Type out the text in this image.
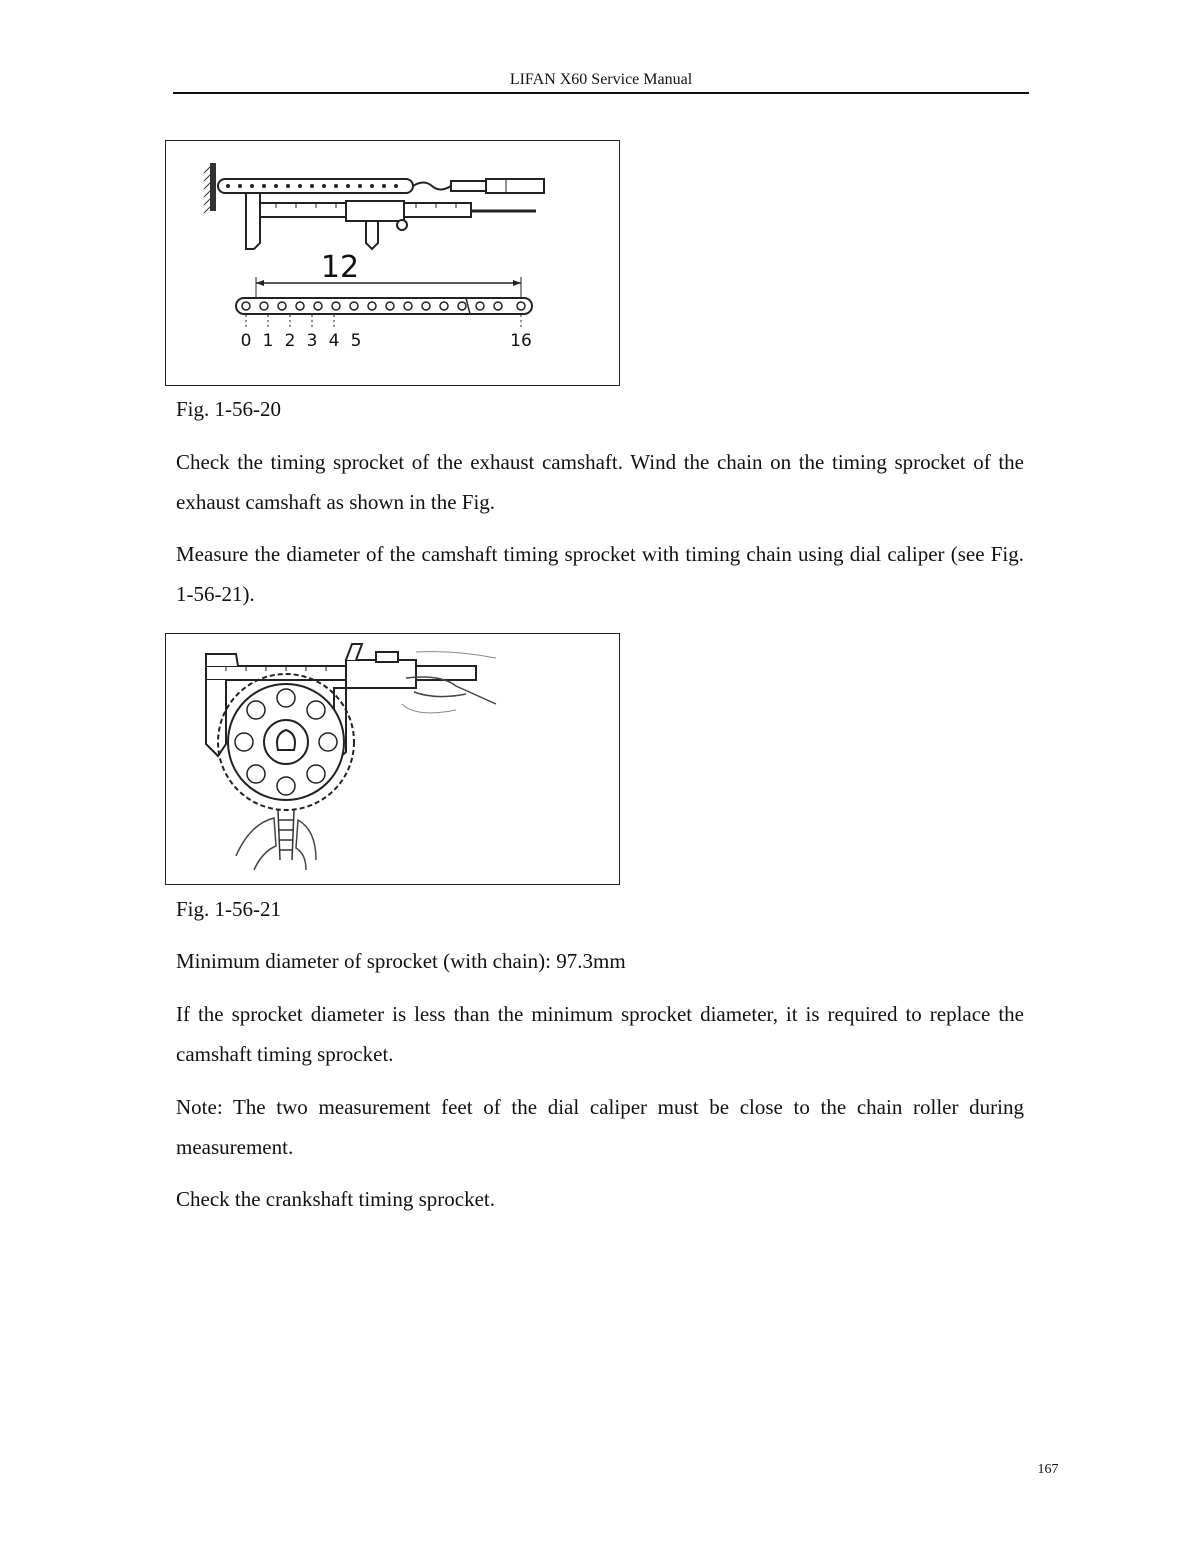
LIFAN X60 Service Manual
12
0 1 2 3 4 5	16
Fig. 1-56-20
Check the timing sprocket of the exhaust camshaft. Wind the chain on the timing sprocket of the exhaust camshaft as shown in the Fig.
Measure the diameter of the camshaft timing sprocket with timing chain using dial caliper (see Fig. 1-56-21).
Fig. 1-56-21
Minimum diameter of sprocket (with chain): 97.3mm
If the sprocket diameter is less than the minimum sprocket diameter, it is required to replace the camshaft timing sprocket.
Note: The two measurement feet of the dial caliper must be close to the chain roller during measurement.
Check the crankshaft timing sprocket.
167
